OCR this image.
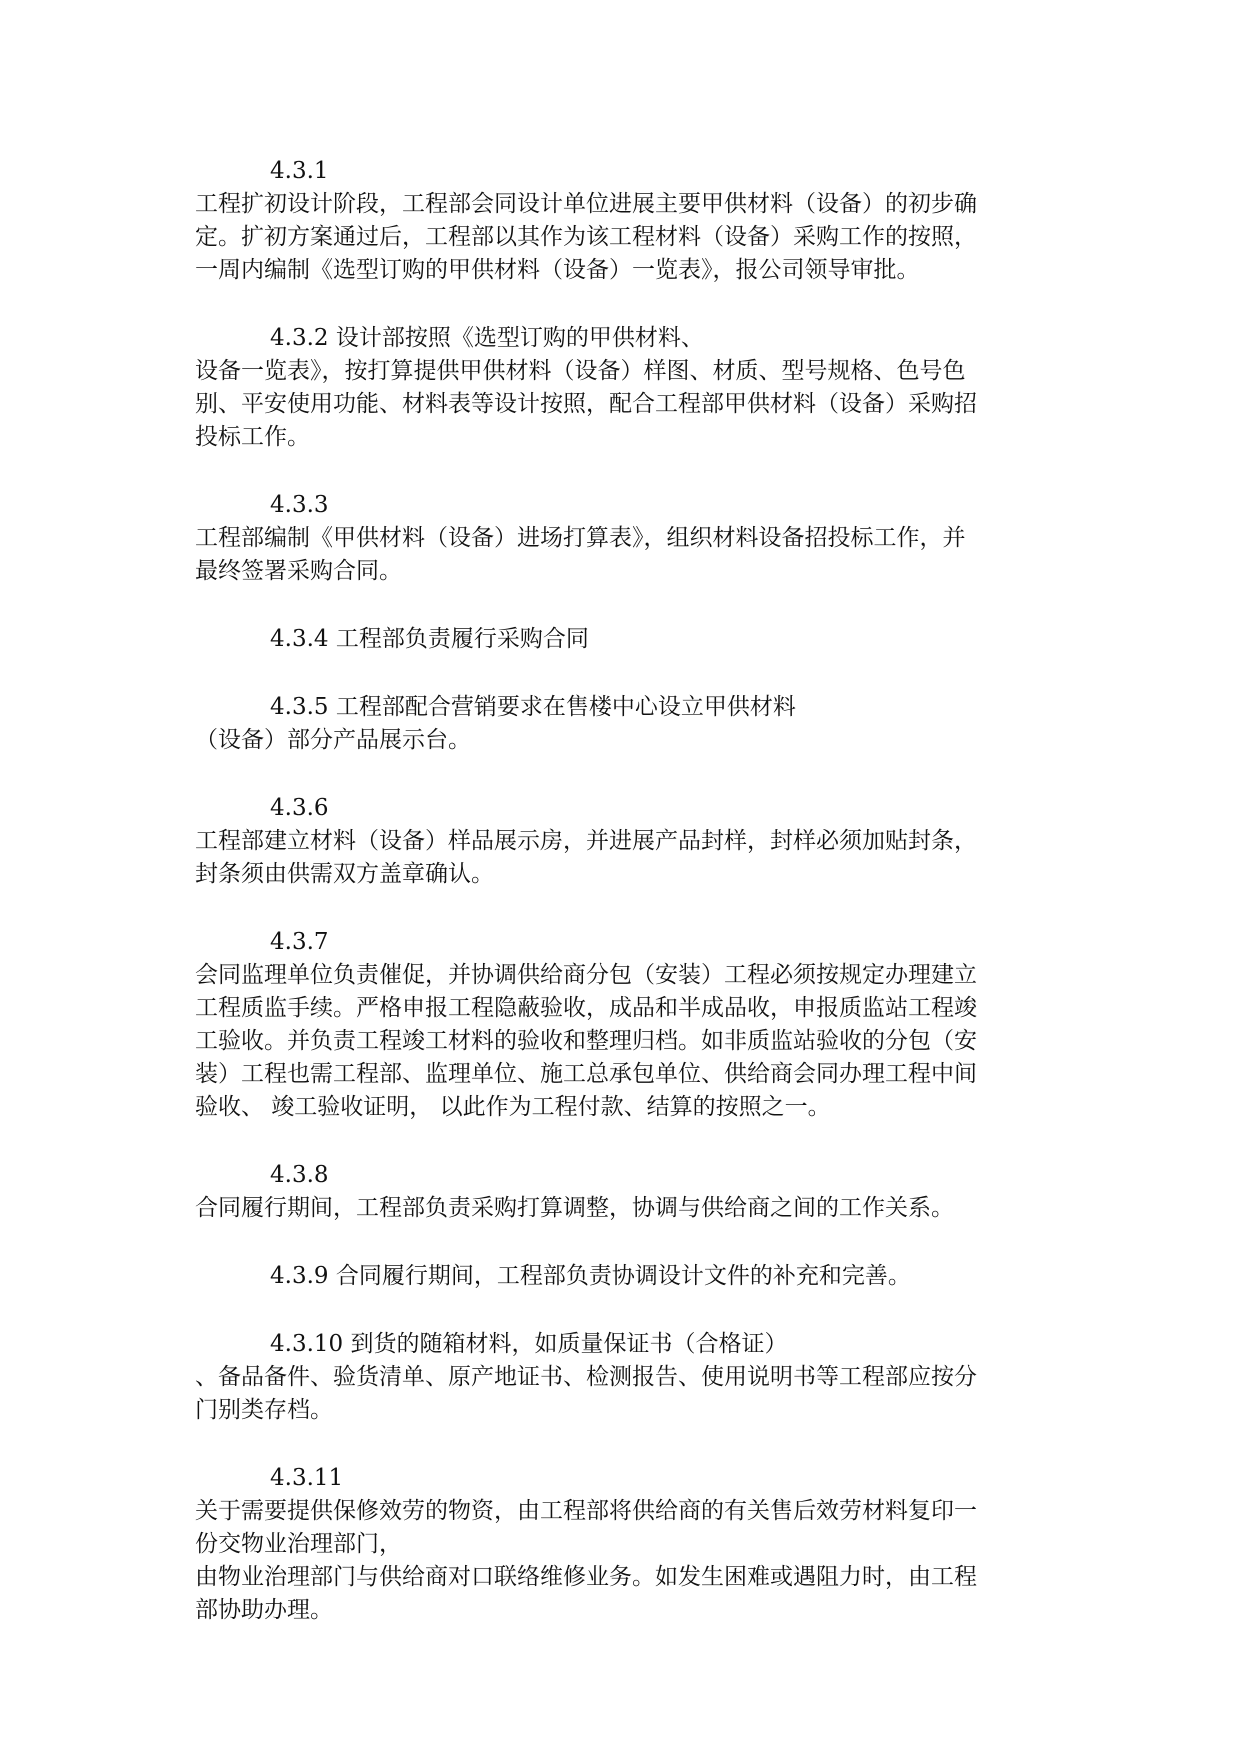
4.3.1
工程扩初设计阶段，工程部会同设计单位进展主要甲供材料（设备）的初步确
定。扩初方案通过后，工程部以其作为该工程材料（设备）采购工作的按照，
一周内编制《选型订购的甲供材料（设备）一览表》，报公司领导审批。
4.3.2 设计部按照《选型订购的甲供材料、
设备一览表》，按打算提供甲供材料（设备）样图、材质、型号规格、色号色
别、平安使用功能、材料表等设计按照，配合工程部甲供材料（设备）采购招
投标工作。
4.3.3
工程部编制《甲供材料（设备）进场打算表》，组织材料设备招投标工作，并
最终签署采购合同。
4.3.4 工程部负责履行采购合同
4.3.5 工程部配合营销要求在售楼中心设立甲供材料
（设备）部分产品展示台。
4.3.6
工程部建立材料（设备）样品展示房，并进展产品封样，封样必须加贴封条，
封条须由供需双方盖章确认。
4.3.7
会同监理单位负责催促，并协调供给商分包（安装）工程必须按规定办理建立
工程质监手续。严格申报工程隐蔽验收，成品和半成品收，申报质监站工程竣
工验收。并负责工程竣工材料的验收和整理归档。如非质监站验收的分包（安
装）工程也需工程部、监理单位、施工总承包单位、供给商会同办理工程中间
验收、 竣工验收证明， 以此作为工程付款、结算的按照之一。
4.3.8
合同履行期间，工程部负责采购打算调整，协调与供给商之间的工作关系。
4.3.9 合同履行期间，工程部负责协调设计文件的补充和完善。
4.3.10 到货的随箱材料，如质量保证书（合格证）
、备品备件、验货清单、原产地证书、检测报告、使用说明书等工程部应按分
门别类存档。
4.3.11
关于需要提供保修效劳的物资，由工程部将供给商的有关售后效劳材料复印一
份交物业治理部门，
由物业治理部门与供给商对口联络维修业务。如发生困难或遇阻力时，由工程
部协助办理。
